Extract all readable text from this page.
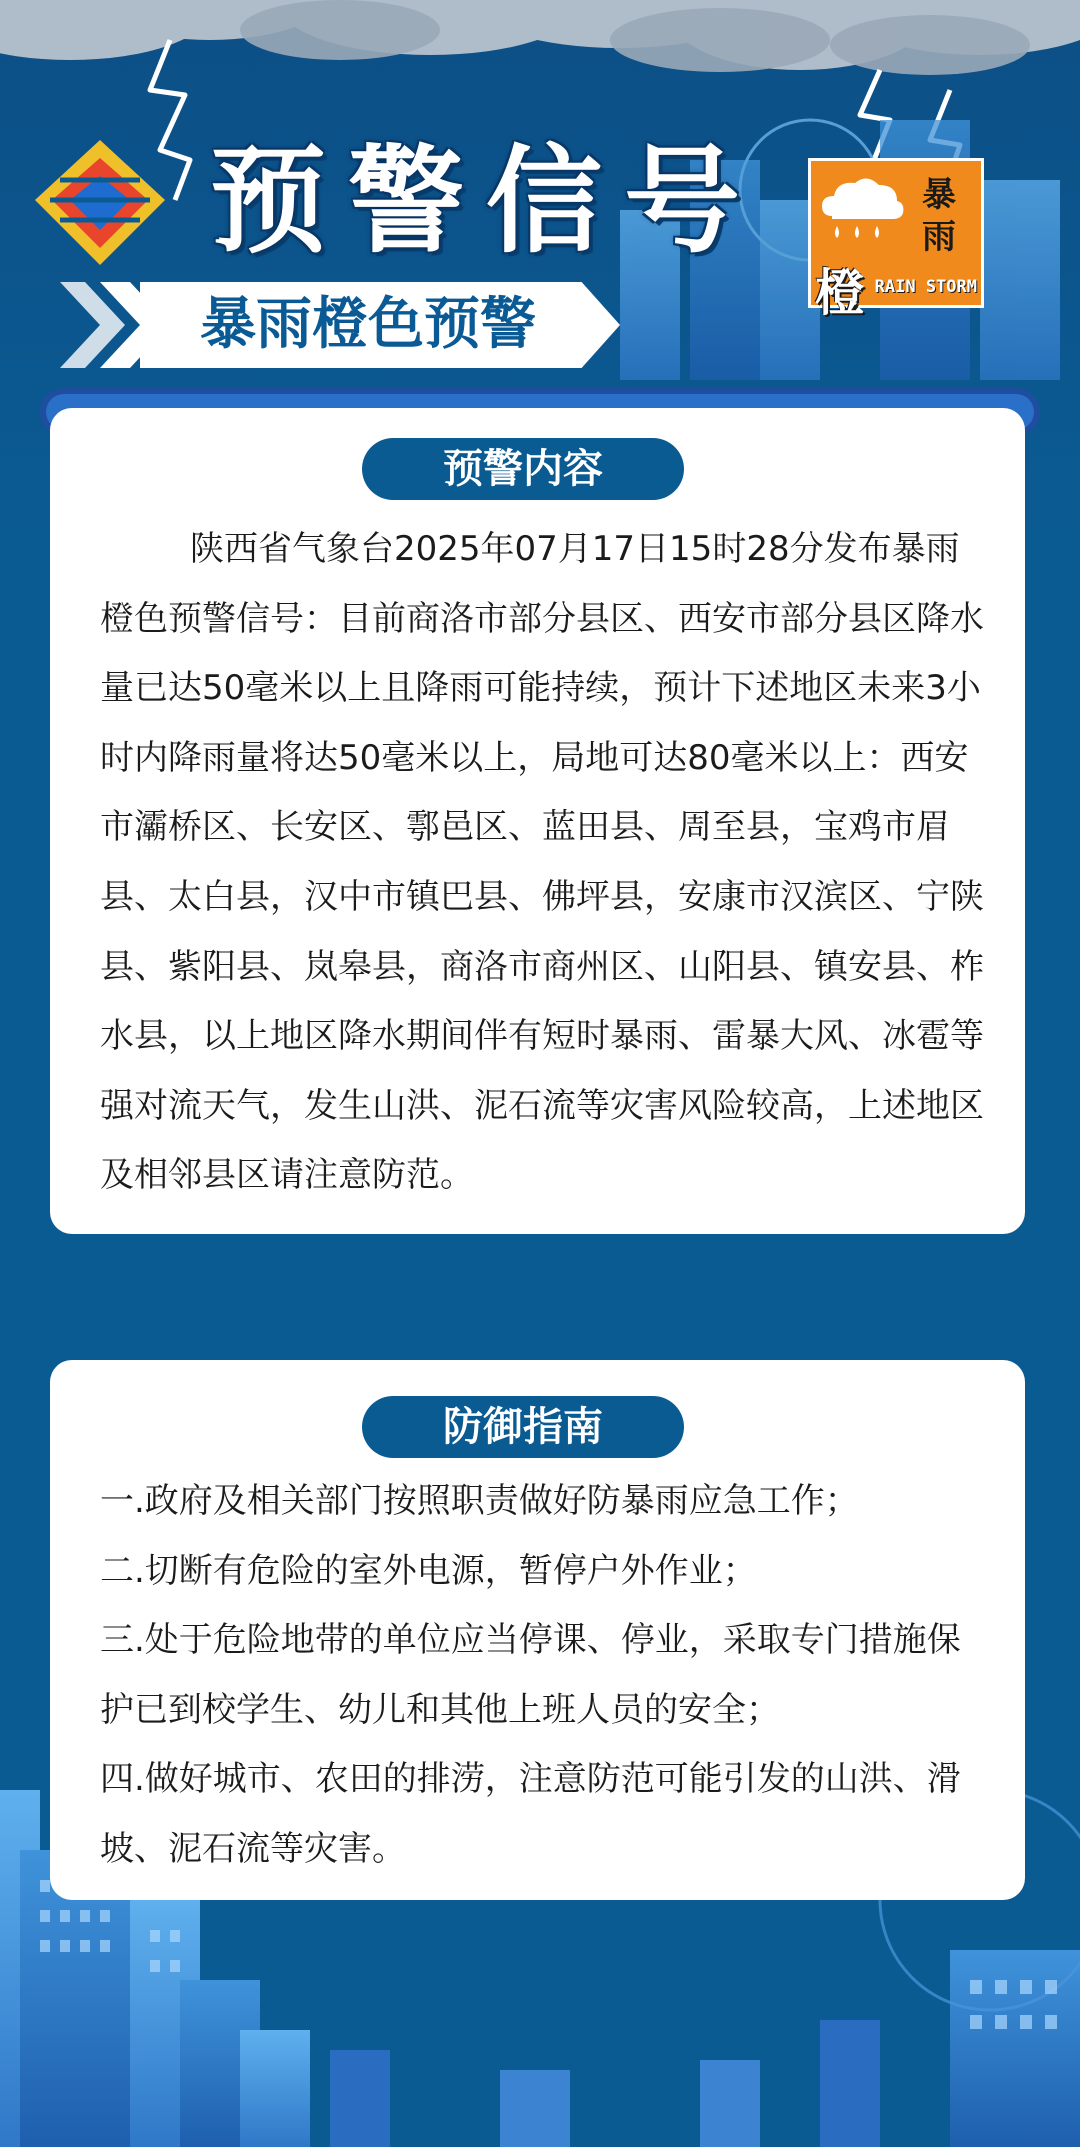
预警信号
暴雨橙色预警
暴
雨
橙 RAIN STORM
预警内容

陕西省气象台2025年07月17日15时28分发布暴雨橙色预警信号：目前商洛市部分县区、西安市部分县区降水量已达50毫米以上且降雨可能持续，预计下述地区未来3小时内降雨量将达50毫米以上，局地可达80毫米以上：西安市灞桥区、长安区、鄠邑区、蓝田县、周至县，宝鸡市眉县、太白县，汉中市镇巴县、佛坪县，安康市汉滨区、宁陕县、紫阳县、岚皋县，商洛市商州区、山阳县、镇安县、柞水县，以上地区降水期间伴有短时暴雨、雷暴大风、冰雹等强对流天气，发生山洪、泥石流等灾害风险较高，上述地区及相邻县区请注意防范。

防御指南
一.政府及相关部门按照职责做好防暴雨应急工作；
二.切断有危险的室外电源，暂停户外作业；
三.处于危险地带的单位应当停课、停业，采取专门措施保护已到校学生、幼儿和其他上班人员的安全；
四.做好城市、农田的排涝，注意防范可能引发的山洪、滑坡、泥石流等灾害。
